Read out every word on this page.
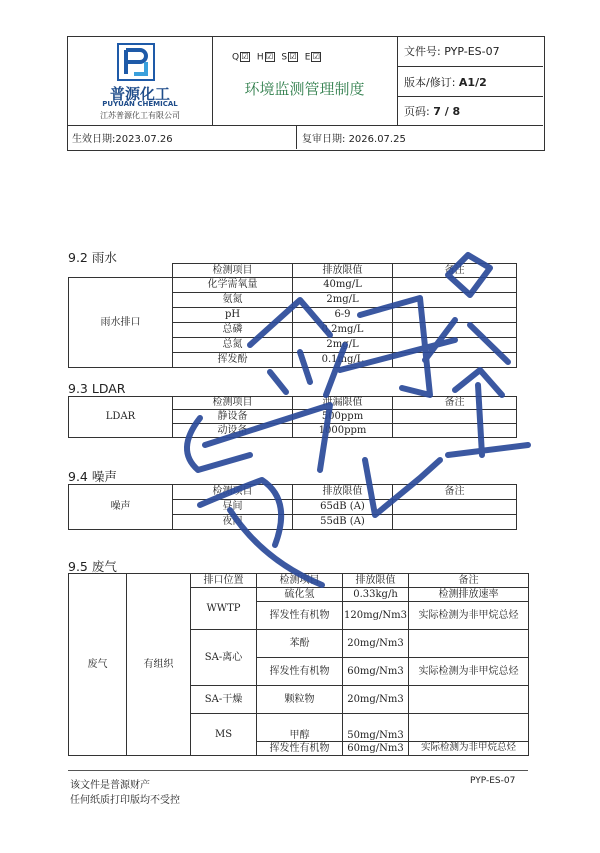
普源化工
PUYUAN CHEMICAL
江苏普源化工有限公司
Q ☑ H ☑ S ☑ E ☑
环境监测管理制度
文件号: PYP-ES-07
版本/修订: A1/2
页码: 7 / 8
生效日期:2023.07.26	复审日期: 2026.07.25
9.2 雨水
	检测项目	排放限值	备注
雨水排口	化学需氧量	40mg/L	
	氨氮	2mg/L	
	pH	6-9	
	总磷	0.2mg/L	
	总氮	2mg/L	
	挥发酚	0.1mg/L	
9.3 LDAR
LDAR	检测项目	泄漏限值	备注
	静设备	500ppm	
	动设备	1000ppm	
9.4 噪声
噪声	检测项目	排放限值	备注
	昼间	65dB (A)	
	夜间	55dB (A)	
9.5 废气
废气	有组织	排口位置	检测项目	排放限值	备注
		WWTP	硫化氢	0.33kg/h	检测排放速率
			挥发性有机物	120mg/Nm3	实际检测为非甲烷总烃

		SA-离心	苯酚	20mg/Nm3	

			挥发性有机物	60mg/Nm3	实际检测为非甲烷总烃

		SA-干燥	颗粒物	20mg/Nm3	

		MS	甲醇	50mg/Nm3	

			挥发性有机物	60mg/Nm3	实际检测为非甲烷总烃
该文件是普源财产
任何纸质打印版均不受控
PYP-ES-07
